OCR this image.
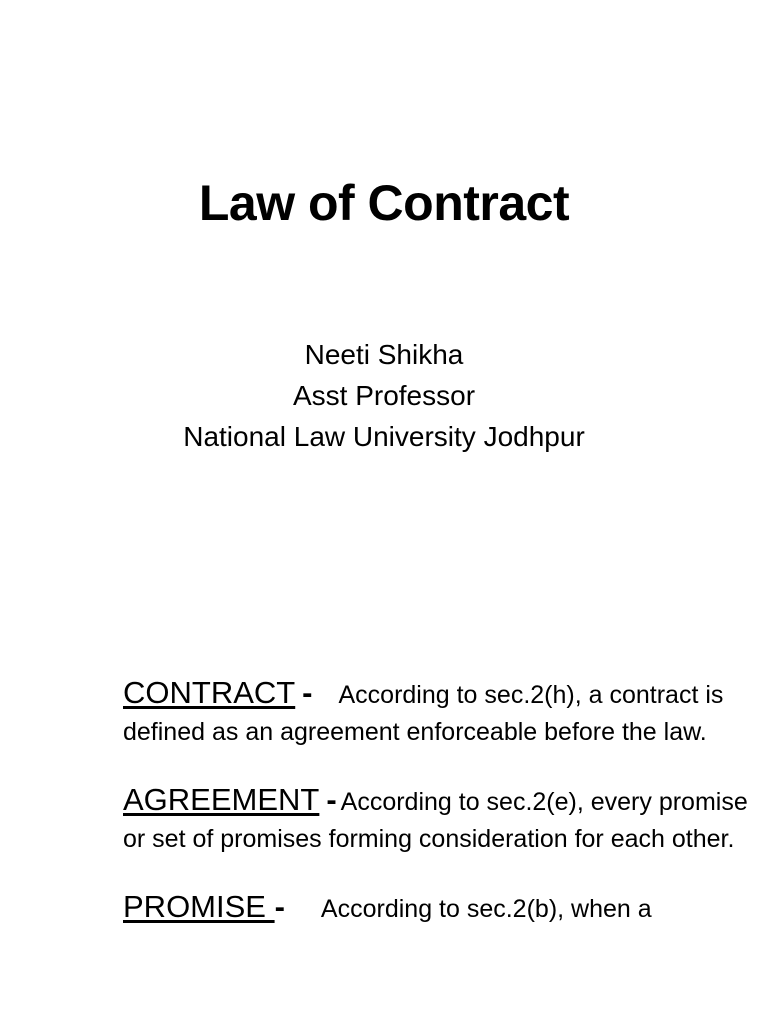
Law of Contract
Neeti Shikha
Asst Professor
National Law University Jodhpur

CONTRACT - According to sec.2(h), a contract is defined as an agreement enforceable before the law.

AGREEMENT - According to sec.2(e), every promise or set of promises forming consideration for each other.

PROMISE - According to sec.2(b), when a
